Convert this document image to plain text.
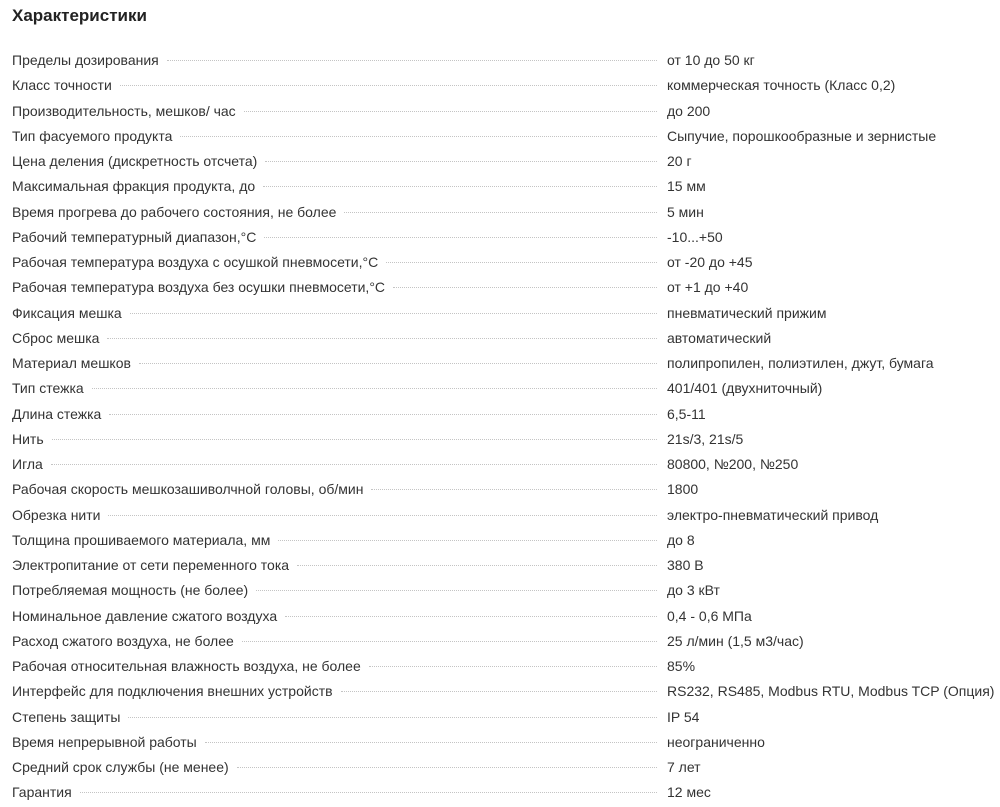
Характеристики
Пределы дозирования	от 10 до 50 кг
Класс точности	коммерческая точность (Класс 0,2)
Производительность, мешков/ час	до 200
Тип фасуемого продукта	Сыпучие, порошкообразные и зернистые
Цена деления (дискретность отсчета)	20 г
Максимальная фракция продукта, до	15 мм
Время прогрева до рабочего состояния, не более	5 мин
Рабочий температурный диапазон,°С	-10...+50
Рабочая температура воздуха с осушкой пневмосети,°С	от -20 до +45
Рабочая температура воздуха без осушки пневмосети,°С	от +1 до +40
Фиксация мешка	пневматический прижим
Сброс мешка	автоматический
Материал мешков	полипропилен, полиэтилен, джут, бумага
Тип стежка	401/401 (двухниточный)
Длина стежка	6,5-11
Нить	21s/3, 21s/5
Игла	80800, №200, №250
Рабочая скорость мешкозашиволчной головы, об/мин	1800
Обрезка нити	электро-пневматический привод
Толщина прошиваемого материала, мм	до 8
Электропитание от сети переменного тока	380 В
Потребляемая мощность (не более)	до 3 кВт
Номинальное давление сжатого воздуха	0,4 - 0,6 МПа
Расход сжатого воздуха, не более	25 л/мин (1,5 м3/час)
Рабочая относительная влажность воздуха, не более	85%
Интерфейс для подключения внешних устройств	RS232, RS485, Modbus RTU, Modbus TCP (Опция)
Степень защиты	IP 54
Время непрерывной работы	неограниченно
Средний срок службы (не менее)	7 лет
Гарантия	12 мес
